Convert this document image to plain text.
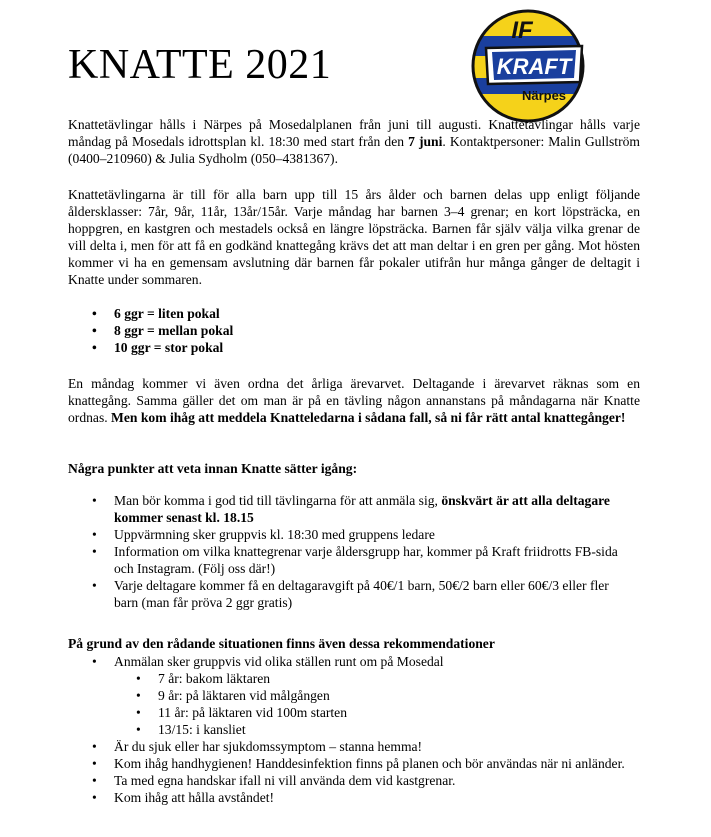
KNATTE 2021
IF
KRAFT
Närpes

Knattetävlingar hålls i Närpes på Mosedalplanen från juni till augusti. Knattetävlingar hålls varje måndag på Mosedals idrottsplan kl. 18:30 med start från den 7 juni. Kontaktpersoner: Malin Gullström (0400–210960) & Julia Sydholm (050–4381367).

Knattetävlingarna är till för alla barn upp till 15 års ålder och barnen delas upp enligt följande åldersklasser: 7år, 9år, 11år, 13år/15år. Varje måndag har barnen 3–4 grenar; en kort löpsträcka, en hoppgren, en kastgren och mestadels också en längre löpsträcka. Barnen får själv välja vilka grenar de vill delta i, men för att få en godkänd knattegång krävs det att man deltar i en gren per gång. Mot hösten kommer vi ha en gemensam avslutning där barnen får pokaler utifrån hur många gånger de deltagit i Knatte under sommaren.

• 6 ggr = liten pokal
• 8 ggr = mellan pokal
• 10 ggr = stor pokal

En måndag kommer vi även ordna det årliga ärevarvet. Deltagande i ärevarvet räknas som en knattegång. Samma gäller det om man är på en tävling någon annanstans på måndagarna när Knatte ordnas. Men kom ihåg att meddela Knatteledarna i sådana fall, så ni får rätt antal knattegånger!

Några punkter att veta innan Knatte sätter igång:

• Man bör komma i god tid till tävlingarna för att anmäla sig, önskvärt är att alla deltagare kommer senast kl. 18.15
• Uppvärmning sker gruppvis kl. 18:30 med gruppens ledare
• Information om vilka knattegrenar varje åldersgrupp har, kommer på Kraft friidrotts FB-sida och Instagram. (Följ oss där!)
• Varje deltagare kommer få en deltagaravgift på 40€/1 barn, 50€/2 barn eller 60€/3 eller fler barn (man får pröva 2 ggr gratis)

På grund av den rådande situationen finns även dessa rekommendationer

• Anmälan sker gruppvis vid olika ställen runt om på Mosedal
• 7 år: bakom läktaren
• 9 år: på läktaren vid målgången
• 11 år: på läktaren vid 100m starten
• 13/15: i kansliet
• Är du sjuk eller har sjukdomssymptom – stanna hemma!
• Kom ihåg handhygienen! Handdesinfektion finns på planen och bör användas när ni anländer.
• Ta med egna handskar ifall ni vill använda dem vid kastgrenar.
• Kom ihåg att hålla avståndet!
